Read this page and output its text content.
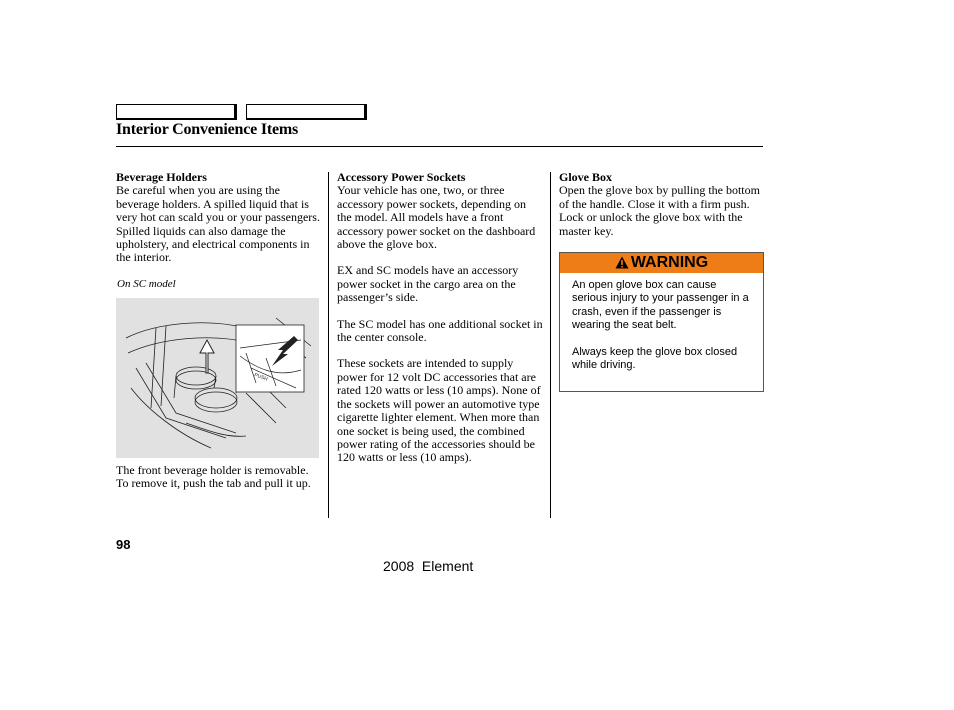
Interior Convenience Items
Beverage Holders
Be careful when you are using the beverage holders. A spilled liquid that is very hot can scald you or your passengers. Spilled liquids can also damage the upholstery, and electrical components in the interior.
On SC model
PUSH
The front beverage holder is removable. To remove it, push the tab and pull it up.
Accessory Power Sockets

Your vehicle has one, two, or three accessory power sockets, depending on the model. All models have a front accessory power socket on the dashboard above the glove box.

EX and SC models have an accessory power socket in the cargo area on the passenger’s side.

The SC model has one additional socket in the center console.

These sockets are intended to supply power for 12 volt DC accessories that are rated 120 watts or less (10 amps). None of the sockets will power an automotive type cigarette lighter element. When more than one socket is being used, the combined power rating of the accessories should be 120 watts or less (10 amps).

Glove Box
Open the glove box by pulling the bottom of the handle. Close it with a firm push. Lock or unlock the glove box with the master key.
WARNING

An open glove box can cause serious injury to your passenger in a crash, even if the passenger is wearing the seat belt.

Always keep the glove box closed while driving.

98
2008  Element
